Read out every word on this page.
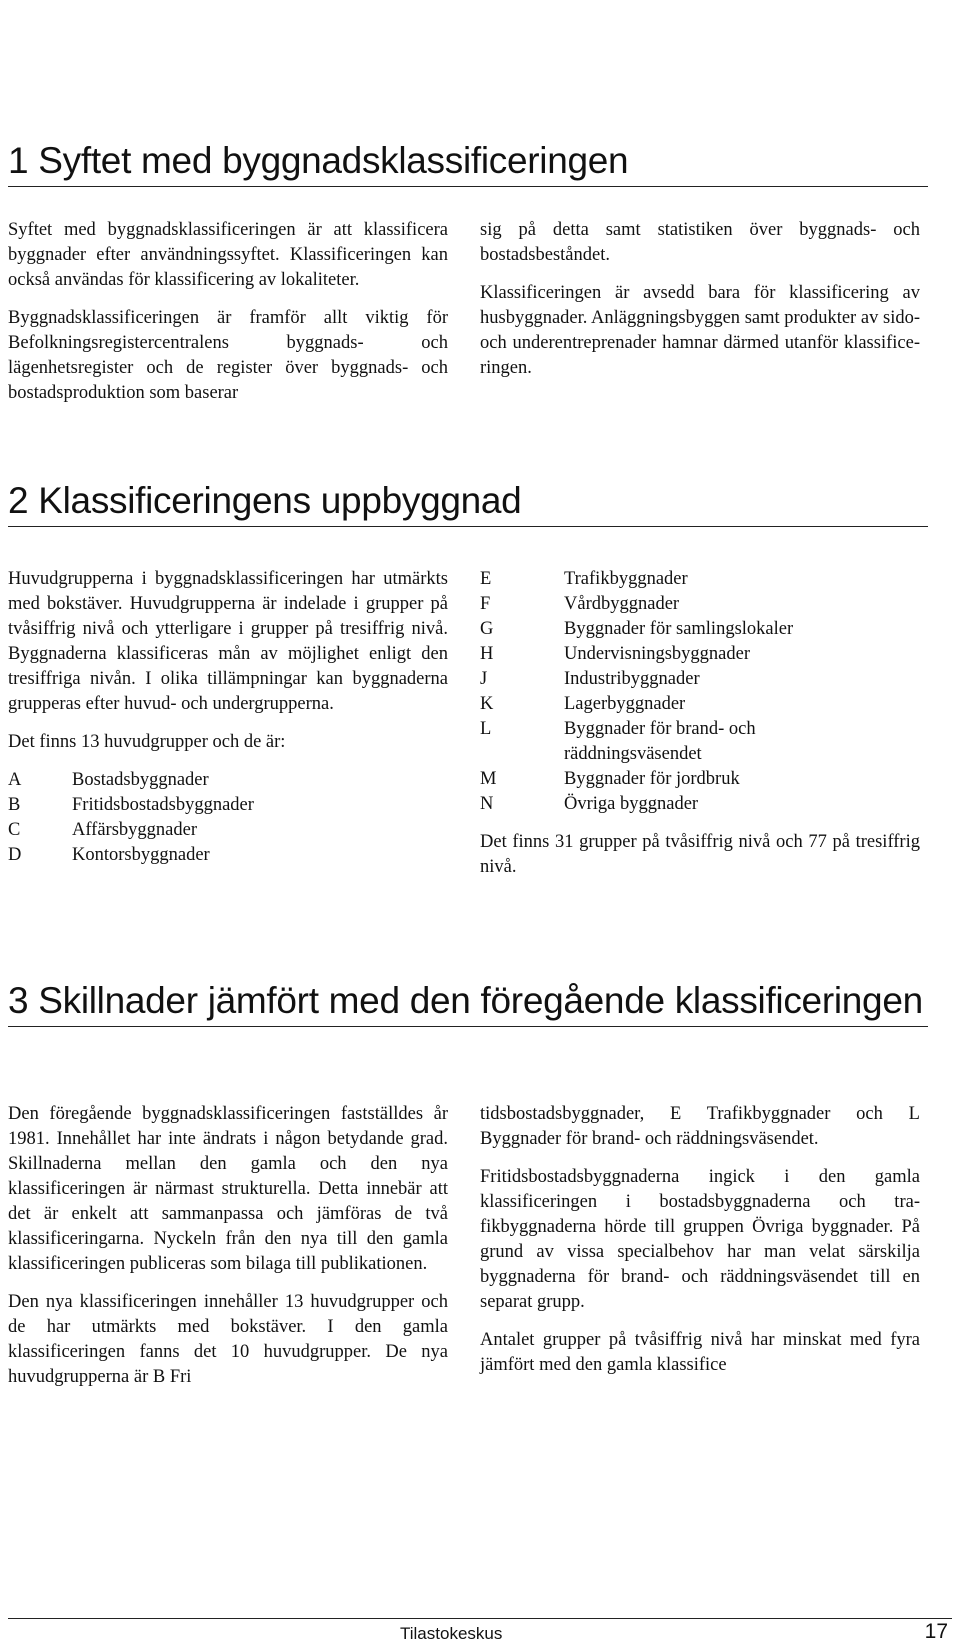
1 Syftet med byggnadsklassificeringen

Syftet med byggnadsklassificeringen är att klassificera byggnader efter användningssyftet. Klassificeringen kan också användas för klassificering av lokaliteter.

Byggnadsklassificeringen är framför allt viktig för Befolkningsregistercentralens byggnads- och lägenhetsregister och de register över byggnads- och bostadsproduktion som baserar

sig på detta samt statistiken över byggnads- och bostadsbeståndet.

Klassificeringen är avsedd bara för klassificering av husbyggnader. Anläggningsbyggen samt produkter av sido- och underentreprenader hamnar därmed utanför klassificeringen.

2 Klassificeringens uppbyggnad

Huvudgrupperna i byggnadsklassificeringen har utmärkts med bokstäver. Huvudgrupperna är indelade i grupper på tvåsiffrig nivå och ytterligare i grupper på tresiffrig nivå. Byggnaderna klassificeras mån av möjlighet enligt den tresiffriga nivån. I olika tillämpningar kan byggnaderna grupperas efter huvud- och undergrupperna.

Det finns 13 huvudgrupper och de är:

A	Bostadsbyggnader
B	Fritidsbostadsbyggnader
C	Affärsbyggnader
D	Kontorsbyggnader
E	Trafikbyggnader
F	Vårdbyggnader
G	Byggnader för samlingslokaler
H	Undervisningsbyggnader
J	Industribyggnader
K	Lagerbyggnader
L	Byggnader för brand- och räddningsväsendet
M	Byggnader för jordbruk
N	Övriga byggnader

Det finns 31 grupper på tvåsiffrig nivå och 77 på tresiffrig nivå.

3 Skillnader jämfört med den föregående klassificeringen

Den föregående byggnadsklassificeringen fastställdes år 1981. Innehållet har inte ändrats i någon betydande grad. Skillnaderna mellan den gamla och den nya klassificeringen är närmast strukturella. Detta innebär att det är enkelt att sammanpassa och jämföras de två klassificeringarna. Nyckeln från den nya till den gamla klassificeringen publiceras som bilaga till publikationen.

Den nya klassificeringen innehåller 13 huvudgrupper och de har utmärkts med bokstäver. I den gamla klassificeringen fanns det 10 huvudgrupper. De nya huvudgrupperna är B Fri

tidsbostadsbyggnader, E Trafikbyggnader och L Byggnader för brand- och räddningsväsendet.

Fritidsbostadsbyggnaderna ingick i den gamla klassificeringen i bostadsbyggnaderna och trafikbyggnaderna hörde till gruppen Övriga byggnader. På grund av vissa specialbehov har man velat särskilja byggnaderna för brand- och räddningsväsendet till en separat grupp.

Antalet grupper på tvåsiffrig nivå har minskat med fyra jämfört med den gamla klassifice

Tilastokeskus	17
